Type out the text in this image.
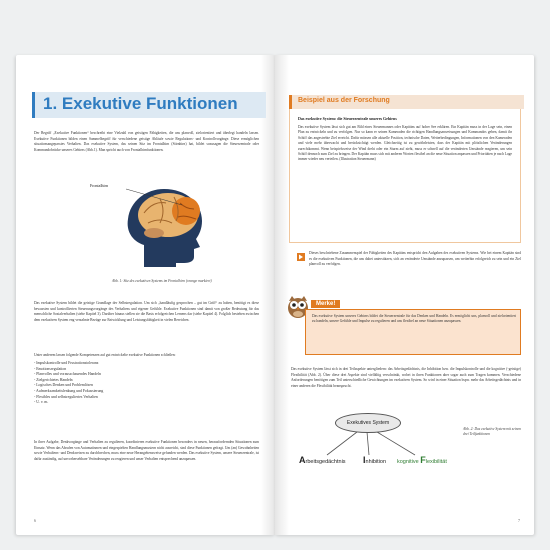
1. Exekutive Funktionen
Der Begriff „Exekutive Funktionen“ beschreibt eine Vielzahl von geistigen Fähigkeiten, die uns planvoll, zielorientiert und überlegt handeln lassen. Exekutive Funktionen bilden einen Sammelbegriff für verschiedene geistige Abläufe sowie Regulations- und Kontrollvorgänge. Diese ermöglichen situationsangepasstes Verhalten. Das exekutive System, das seinen Sitz im Frontalhirn (Stirnhirn) hat, bildet sozusagen die Steuerzentrale oder Kommandobrücke unseres Gehirns (Abb.1). Man spricht auch von Frontalhirnfunktionen.
Frontalhirn
Abb. 1: Sitz des exekutiven Systems im Frontalhirn (orange markiert)
Das exekutive System bildet die geistige Grundlage der Selbstregulation. Um sich „handläufig gesprochen – gut im Griff“ zu haben, benötigt es diese bewussten und kontrollierten Steuerungsvorgänge des Verhaltens und eigener Gefühle. Exekutive Funktionen sind damit von großer Bedeutung für das menschliche Sozialverhalten (siehe Kapitel 3). Darüber hinaus stellen sie die Basis erfolgreichen Lernens dar (siehe Kapitel 4). Folglich bestehen zwischen dem exekutiven System eng verzahnte Bezüge zur Entwicklung und Leistungsfähigkeit in vielen Bereichen.
Unter anderem lassen folgende Kompetenzen auf gut entwickelte exekutive Funktionen schließen:
- Impulskontrolle und Frustrationstoleranz
- Emotionsregulation
- Planvolles und vorausschauendes Handeln
- Zielgerichtetes Handeln
- Logisches Denken und Problemlösen
- Aufmerksamkeitslenkung und Fokussierung
- Flexibles und selbstreguliertes Verhalten
- U. v. m.
In ihrer Aufgabe, Denkvorgänge und Verhalten zu regulieren, koordinieren exekutive Funktionen besonders in neuen, herausfordernden Situationen zum Einsatz. Wenn das Abrufen von Automatismen und eingespielten Handlungsmustern nicht ausreicht, sind diese Funktionen gefragt. Um (an) Gewohnheiten sowie Verhaltens- und Denkweisen zu durchbrechen, muss eine neue Herangehensweise gefunden werden. Das exekutive System, unsere Steuerzentrale, ist dafür zuständig, auf unvorhersehbare Veränderungen zu reagieren und unser Verhalten entsprechend anzupassen.
6
Beispiel aus der Forschung
Das exekutive System: die Steuerzentrale unseres Gehirns
Das exekutive System lässt sich gut am Bild eines Steuermannes oder Kapitäns auf hoher See erklären. Ein Kapitän muss in der Lage sein, einen Plan zu entwickeln und zu verfolgen. Nur so kann er seinen Kameraden die richtigen Handlungsanweisungen und Kommandos geben, damit ihr Schiff das angestrebte Ziel erreicht. Dafür müssen alle aktuelle Position, technische Daten, Wetterbedingungen, Informationen von den Kameraden und viele mehr überwacht und berücksichtigt werden. Gleichzeitig ist zu gewährleisten, dass der Kapitän mit plötzlichen Veränderungen zurechtkommt. Wenn beispielsweise der Wind dreht oder ein Sturm auf zieht, muss er schnell auf die veränderten Umstände reagieren, um sein Schiff dennoch zum Ziel zu bringen. Der Kapitän muss sich mit anderen Worten flexibel an die neue Situation anpassen und Prioritäten je nach Lage immer wieder neu verteilen. (Illustration Steuermann)
Dieses beschriebene Zusammenspiel der Fähigkeiten des Kapitäns entspricht den Aufgaben des exekutiven Systems. Wie bei einem Kapitän sind es die exekutiven Funktionen, die uns dabei unterstützen, sich an veränderte Umstände anzupassen, um weiterhin erfolgreich zu sein und ein Ziel planvoll zu verfolgen.
Merke!
Das exekutive System unseres Gehirns bildet die Steuerzentrale für das Denken und Handeln. Es ermöglicht uns, planvoll und zielorientiert zu handeln, unsere Gefühle und Impulse zu regulieren und uns flexibel an neue Situationen anzupassen.
Das exekutive System lässt sich in drei Teilaspekte untergliedern: das Arbeitsgedächtnis, die Inhibition bzw. die Impulskontrolle und die kognitive (-geistige) Flexibilität (Abb. 2). Über diese drei Aspekte sind vielfältig verschränkt, wobei in ihren Funktionen aber sogar auch zum Tragen kommen. Verschiedene Anforderungen benötigen zum Teil unterschiedliche Gewichtungen im exekutiven System. So wird in einer Situation bspw. mehr das Arbeitsgedächtnis und in einer anderen die Flexibilität beansprucht.
Exekutives System
Arbeitsgedächtnis Inhibition kognitive Flexibilität
Abb. 2: Das exekutive System mit seinen drei Teilfunktionen
7
